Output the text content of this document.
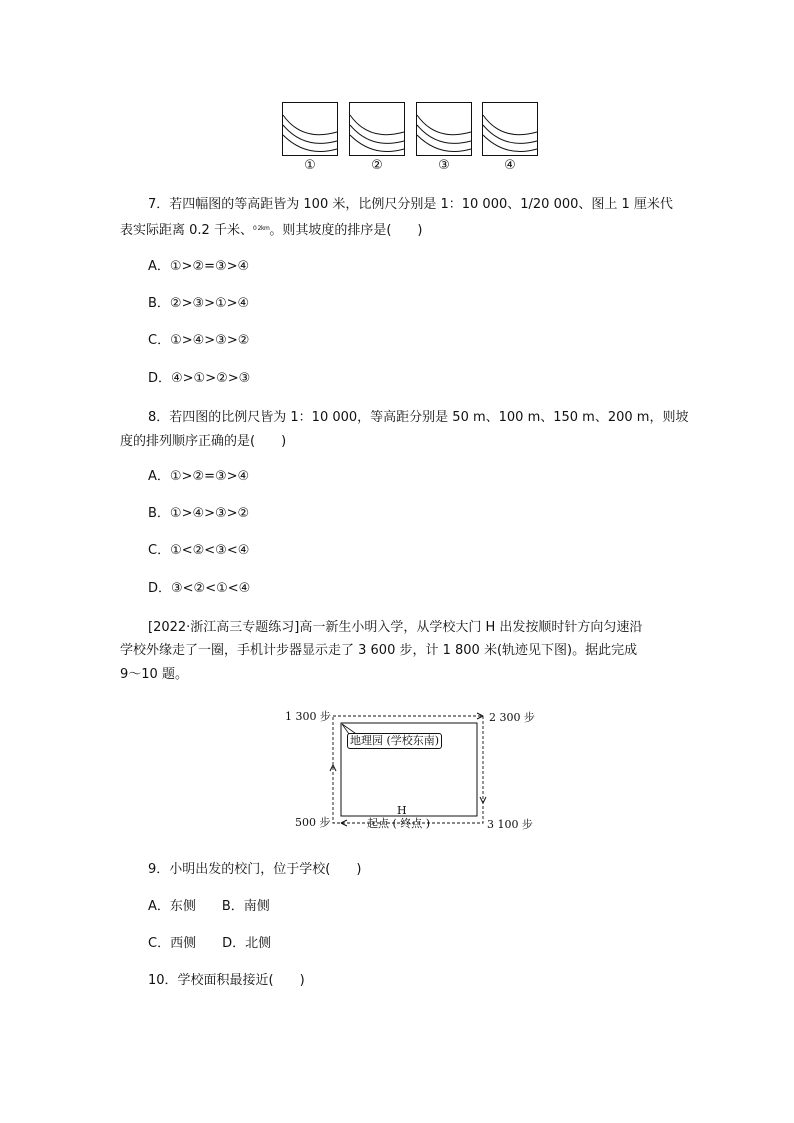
①	②	③	④
7．若四幅图的等高距皆为 100 米，比例尺分别是 1：10 000、1/20 000、图上 1 厘米代
表实际距离 0.2 千米、0 2km。则其坡度的排序是(　　)
A．①>②=③>④
B．②>③>①>④
C．①>④>③>②
D．④>①>②>③
8．若四图的比例尺皆为 1：10 000，等高距分别是 50 m、100 m、150 m、200 m，则坡
度的排列顺序正确的是(　　)
A．①>②=③>④
B．①>④>③>②
C．①<②<③<④
D．③<②<①<④
[2022·浙江高三专题练习]高一新生小明入学，从学校大门 H 出发按顺时针方向匀速沿
学校外缘走了一圈，手机计步器显示走了 3 600 步，计 1 800 米(轨迹见下图)。据此完成
9～10 题。
1 300 步	2 300 步
500 步	3 100 步
H
起点 ( 终点 )
地理园 (学校东南)
9．小明出发的校门，位于学校(　　)
A．东侧　　B．南侧
C．西侧　　D．北侧
10．学校面积最接近(　　)
